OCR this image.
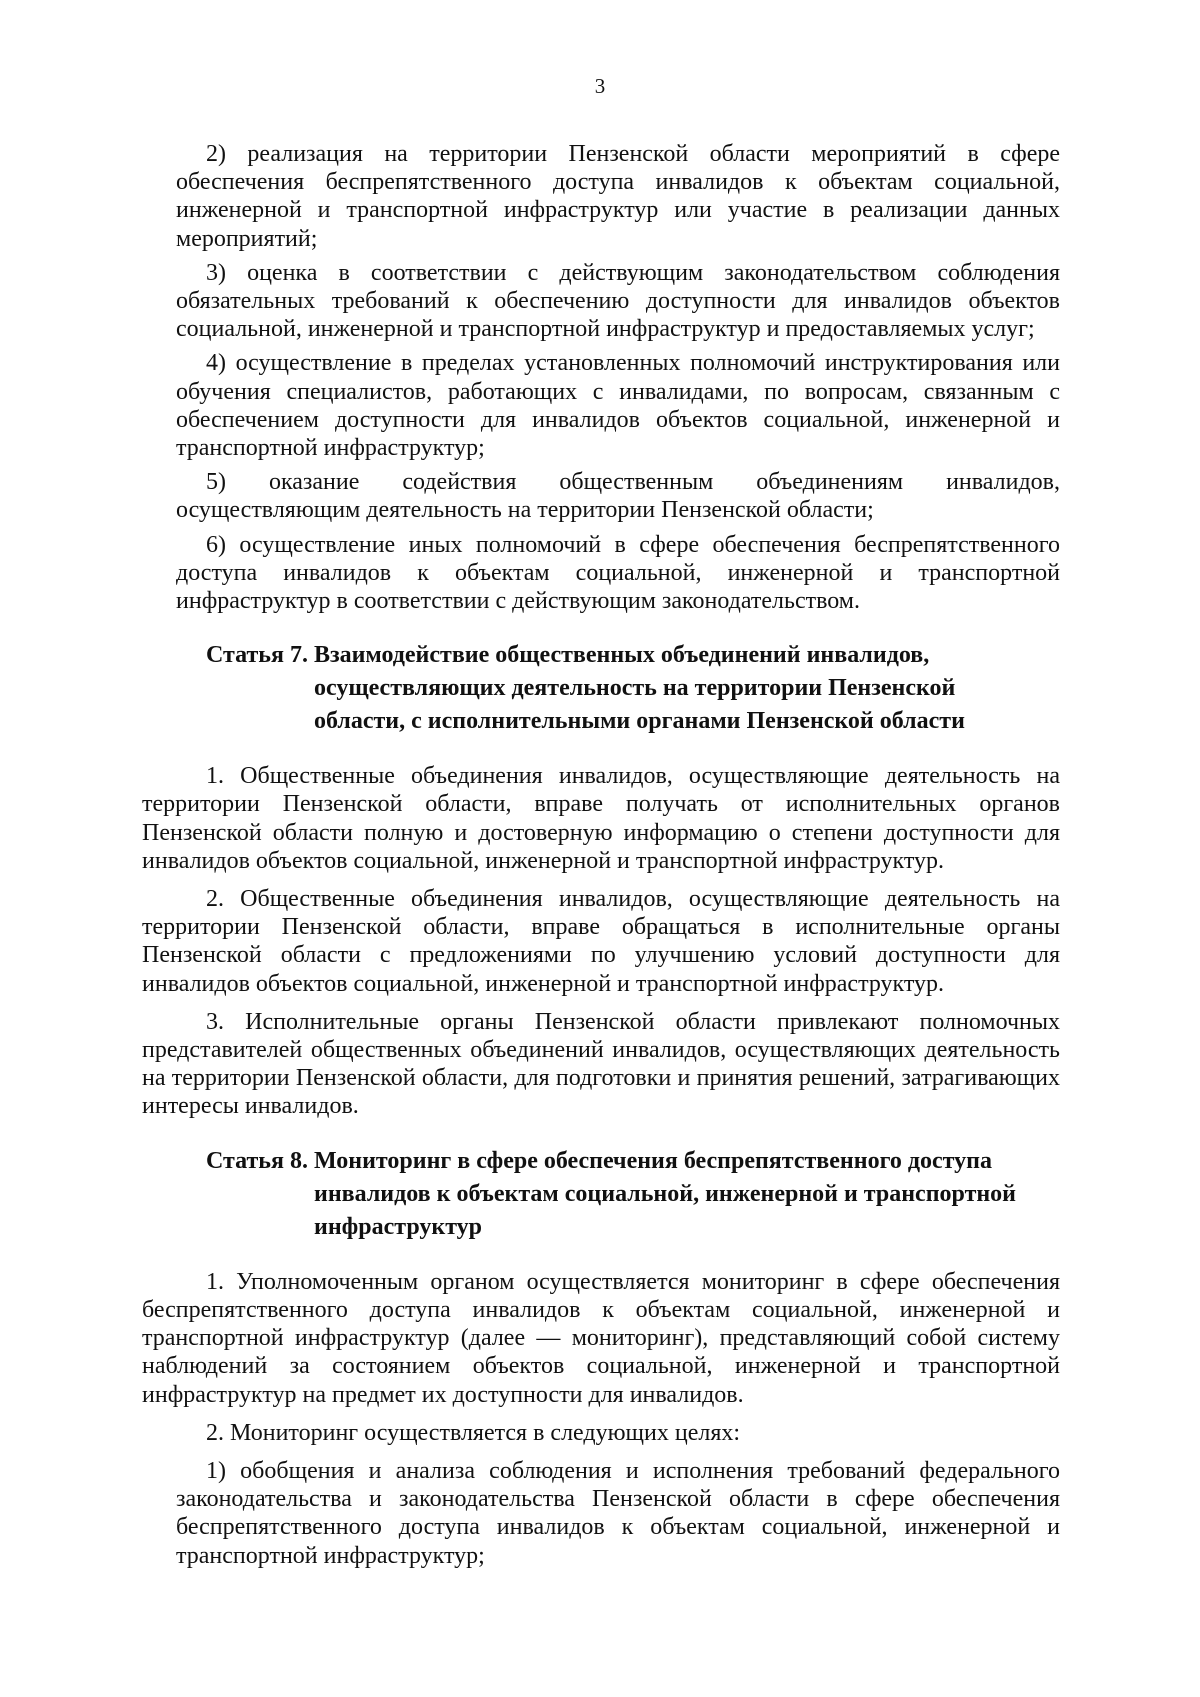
3

2) реализация на территории Пензенской области мероприятий в сфере обеспечения беспрепятственного доступа инвалидов к объектам социальной, инженерной и транспортной инфраструктур или участие в реализации данных мероприятий;

3) оценка в соответствии с действующим законодательством соблюдения обязательных требований к обеспечению доступности для инвалидов объектов социальной, инженерной и транспортной инфраструктур и предоставляемых услуг;

4) осуществление в пределах установленных полномочий инструктирования или обучения специалистов, работающих с инвалидами, по вопросам, связанным с обеспечением доступности для инвалидов объектов социальной, инженерной и транспортной инфраструктур;

5) оказание содействия общественным объединениям инвалидов, осуществляющим деятельность на территории Пензенской области;

6) осуществление иных полномочий в сфере обеспечения беспрепятственного доступа инвалидов к объектам социальной, инженерной и транспортной инфраструктур в соответствии с действующим законодательством.

Статья 7. Взаимодействие общественных объединений инвалидов,
осуществляющих деятельность на территории Пензенской
области, с исполнительными органами Пензенской области

1. Общественные объединения инвалидов, осуществляющие деятельность на территории Пензенской области, вправе получать от исполнительных органов Пензенской области полную и достоверную информацию о степени доступности для инвалидов объектов социальной, инженерной и транспортной инфраструктур.

2. Общественные объединения инвалидов, осуществляющие деятельность на территории Пензенской области, вправе обращаться в исполнительные органы Пензенской области с предложениями по улучшению условий доступности для инвалидов объектов социальной, инженерной и транспортной инфраструктур.

3. Исполнительные органы Пензенской области привлекают полномочных представителей общественных объединений инвалидов, осуществляющих деятельность на территории Пензенской области, для подготовки и принятия решений, затрагивающих интересы инвалидов.

Статья 8. Мониторинг в сфере обеспечения беспрепятственного доступа
инвалидов к объектам социальной, инженерной и транспортной
инфраструктур

1. Уполномоченным органом осуществляется мониторинг в сфере обеспечения беспрепятственного доступа инвалидов к объектам социальной, инженерной и транспортной инфраструктур (далее — мониторинг), представляющий собой систему наблюдений за состоянием объектов социальной, инженерной и транспортной инфраструктур на предмет их доступности для инвалидов.

2. Мониторинг осуществляется в следующих целях:

1) обобщения и анализа соблюдения и исполнения требований федерального законодательства и законодательства Пензенской области в сфере обеспечения беспрепятственного доступа инвалидов к объектам социальной, инженерной и транспортной инфраструктур;
